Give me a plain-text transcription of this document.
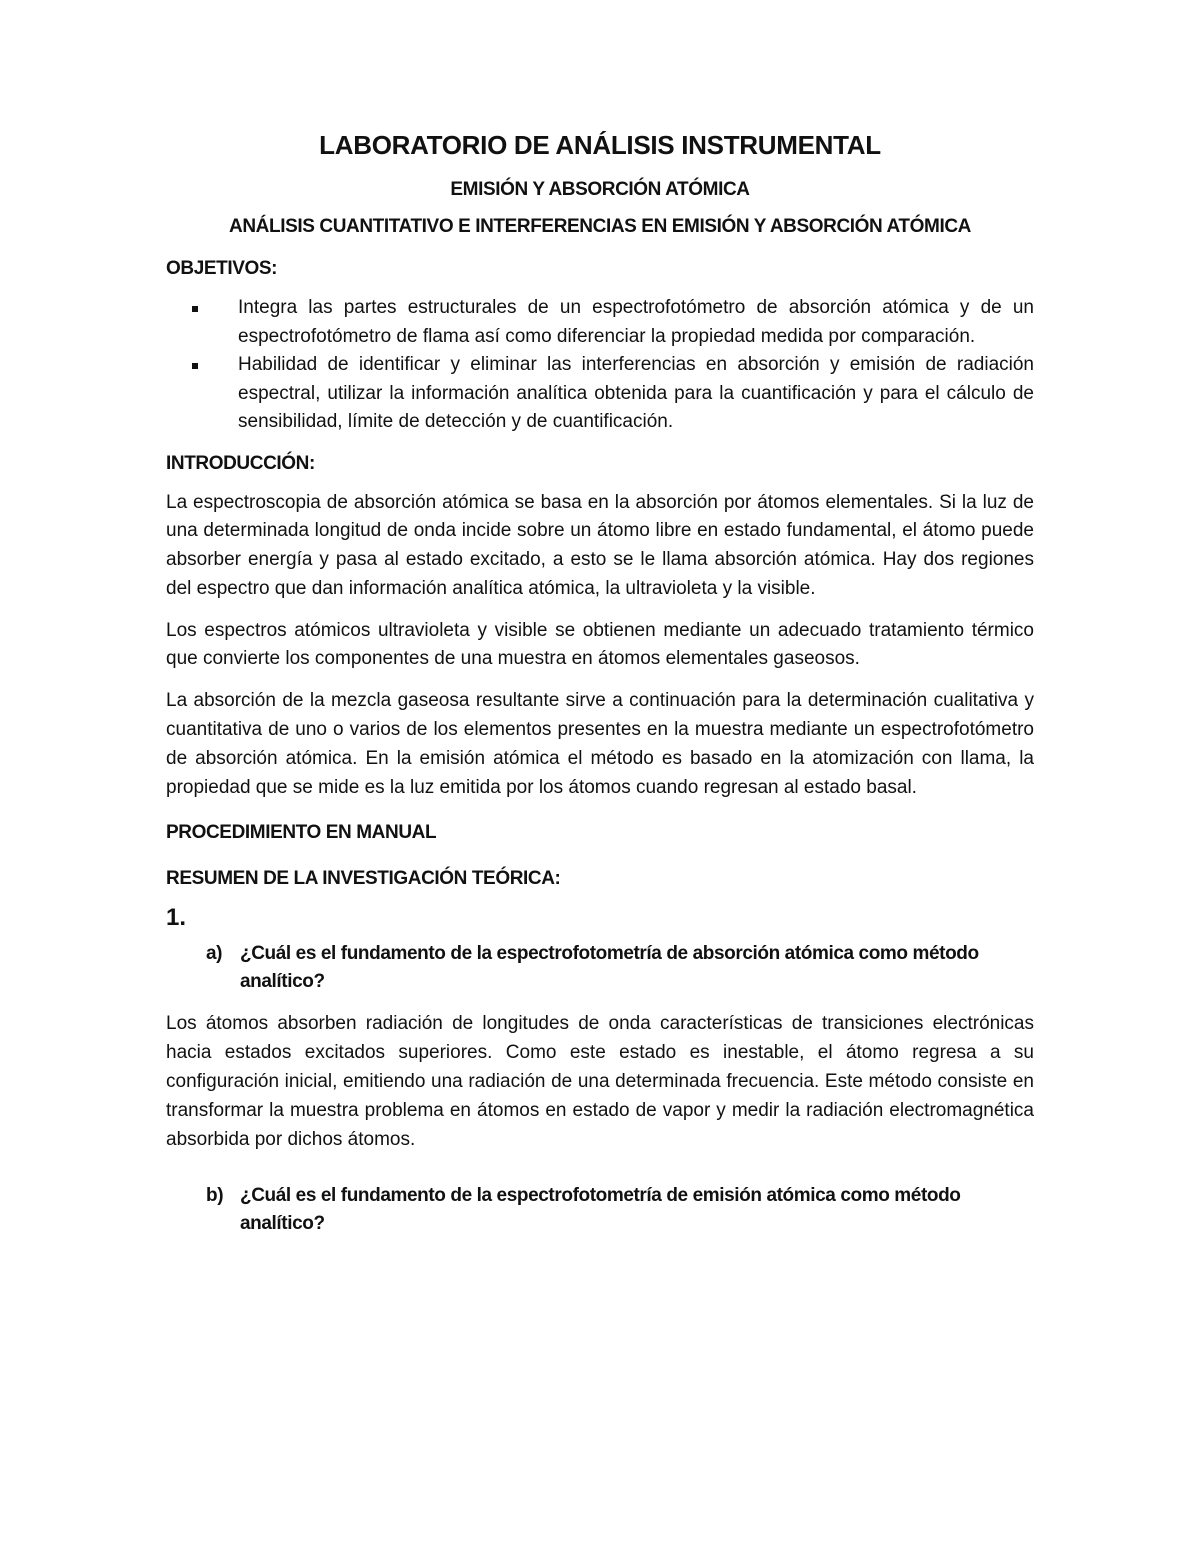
LABORATORIO DE ANÁLISIS INSTRUMENTAL
EMISIÓN Y ABSORCIÓN ATÓMICA
ANÁLISIS CUANTITATIVO E INTERFERENCIAS EN EMISIÓN Y ABSORCIÓN ATÓMICA
OBJETIVOS:
Integra las partes estructurales de un espectrofotómetro de absorción atómica y de un espectrofotómetro de flama así como diferenciar la propiedad medida por comparación.
Habilidad de identificar y eliminar las interferencias en absorción y emisión de radiación espectral, utilizar la información analítica obtenida para la cuantificación y para el cálculo de sensibilidad, límite de detección y de cuantificación.
INTRODUCCIÓN:

La espectroscopia de absorción atómica se basa en la absorción por átomos elementales. Si la luz de una determinada longitud de onda incide sobre un átomo libre en estado fundamental, el átomo puede absorber energía y pasa al estado excitado, a esto se le llama absorción atómica. Hay dos regiones del espectro que dan información analítica atómica, la ultravioleta y la visible.

Los espectros atómicos ultravioleta y visible se obtienen mediante un adecuado tratamiento térmico que convierte los componentes de una muestra en átomos elementales gaseosos.

La absorción de la mezcla gaseosa resultante sirve a continuación para la determinación cualitativa y cuantitativa de uno o varios de los elementos presentes en la muestra mediante un espectrofotómetro de absorción atómica. En la emisión atómica el método es basado en la atomización con llama, la propiedad que se mide es la luz emitida por los átomos cuando regresan al estado basal.

PROCEDIMIENTO EN MANUAL
RESUMEN DE LA INVESTIGACIÓN TEÓRICA:
1.
a) ¿Cuál es el fundamento de la espectrofotometría de absorción atómica como método analítico?

Los átomos absorben radiación de longitudes de onda características de transiciones electrónicas hacia estados excitados superiores. Como este estado es inestable, el átomo regresa a su configuración inicial, emitiendo una radiación de una determinada frecuencia. Este método consiste en transformar la muestra problema en átomos en estado de vapor y medir la radiación electromagnética absorbida por dichos átomos.

b) ¿Cuál es el fundamento de la espectrofotometría de emisión atómica como método analítico?
